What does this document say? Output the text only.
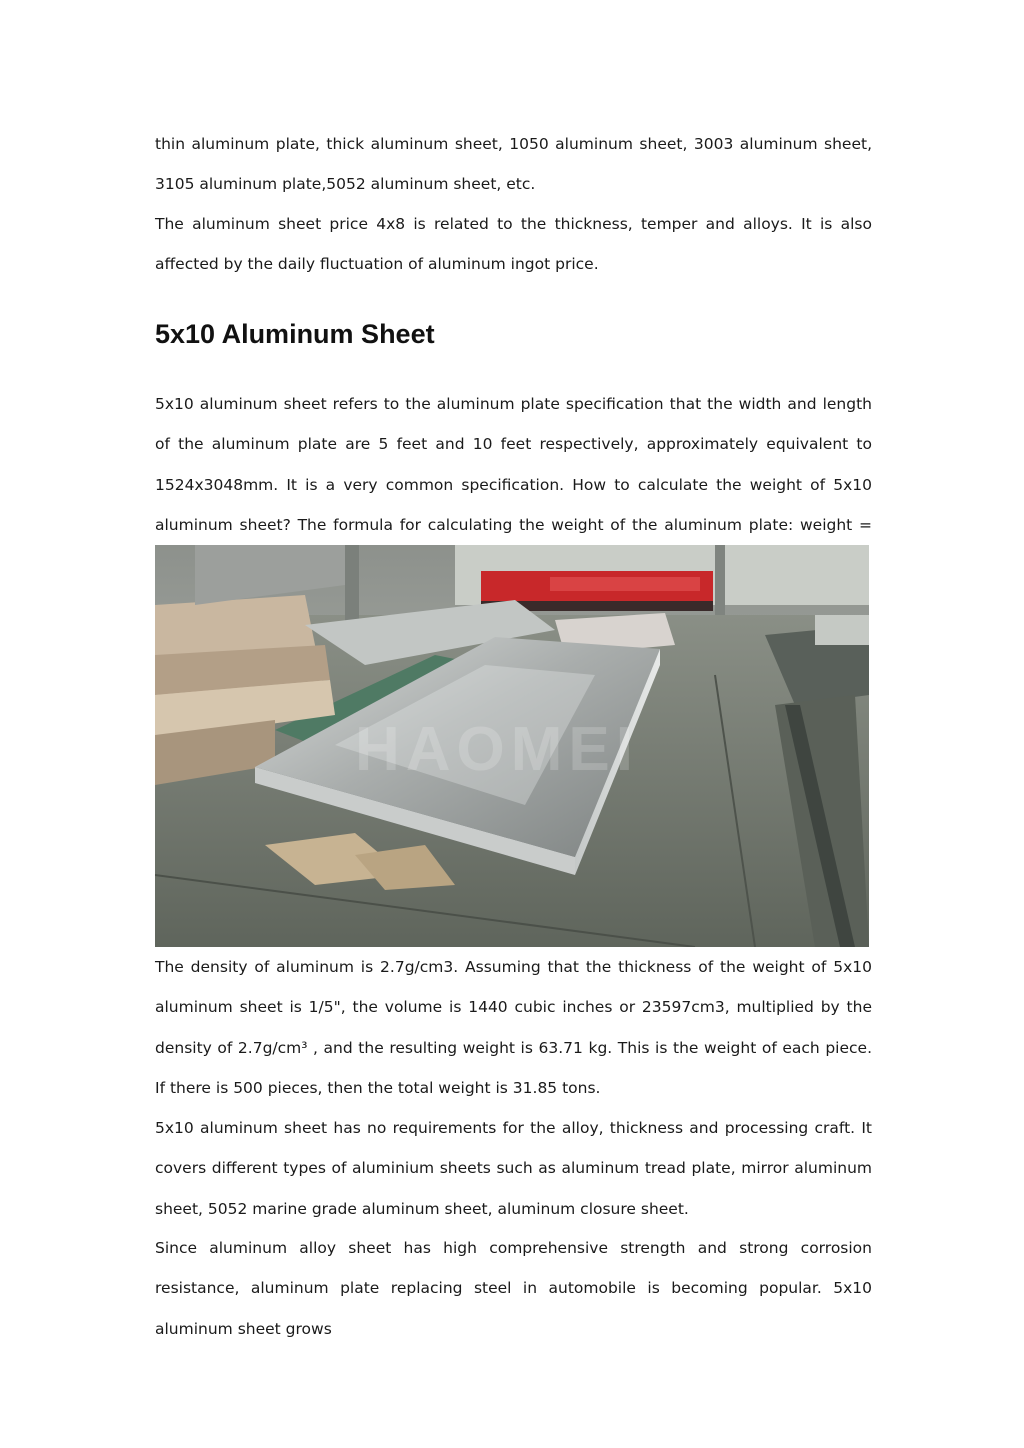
thin aluminum plate, thick aluminum sheet, 1050 aluminum sheet, 3003 aluminum sheet, 3105 aluminum plate,5052 aluminum sheet, etc.

The aluminum sheet price 4x8 is related to the thickness, temper and alloys. It is also affected by the daily fluctuation of aluminum ingot price.

5x10 Aluminum Sheet

5x10 aluminum sheet refers to the aluminum plate specification that the width and length of the aluminum plate are 5 feet and 10 feet respectively, approximately equivalent to 1524x3048mm. It is a very common specification. How to calculate the weight of 5x10 aluminum sheet? The formula for calculating the weight of the aluminum plate: weight =

HAOMEI

The density of aluminum is 2.7g/cm3. Assuming that the thickness of the weight of 5x10 aluminum sheet is 1/5", the volume is 1440 cubic inches or 23597cm3, multiplied by the density of 2.7g/cm³ , and the resulting weight is 63.71 kg. This is the weight of each piece. If there is 500 pieces, then the total weight is 31.85 tons.

5x10 aluminum sheet has no requirements for the alloy, thickness and processing craft. It covers different types of aluminium sheets such as aluminum tread plate, mirror aluminum sheet, 5052 marine grade aluminum sheet, aluminum closure sheet.

Since aluminum alloy sheet has high comprehensive strength and strong corrosion resistance, aluminum plate replacing steel in automobile is becoming popular. 5x10 aluminum sheet grows
